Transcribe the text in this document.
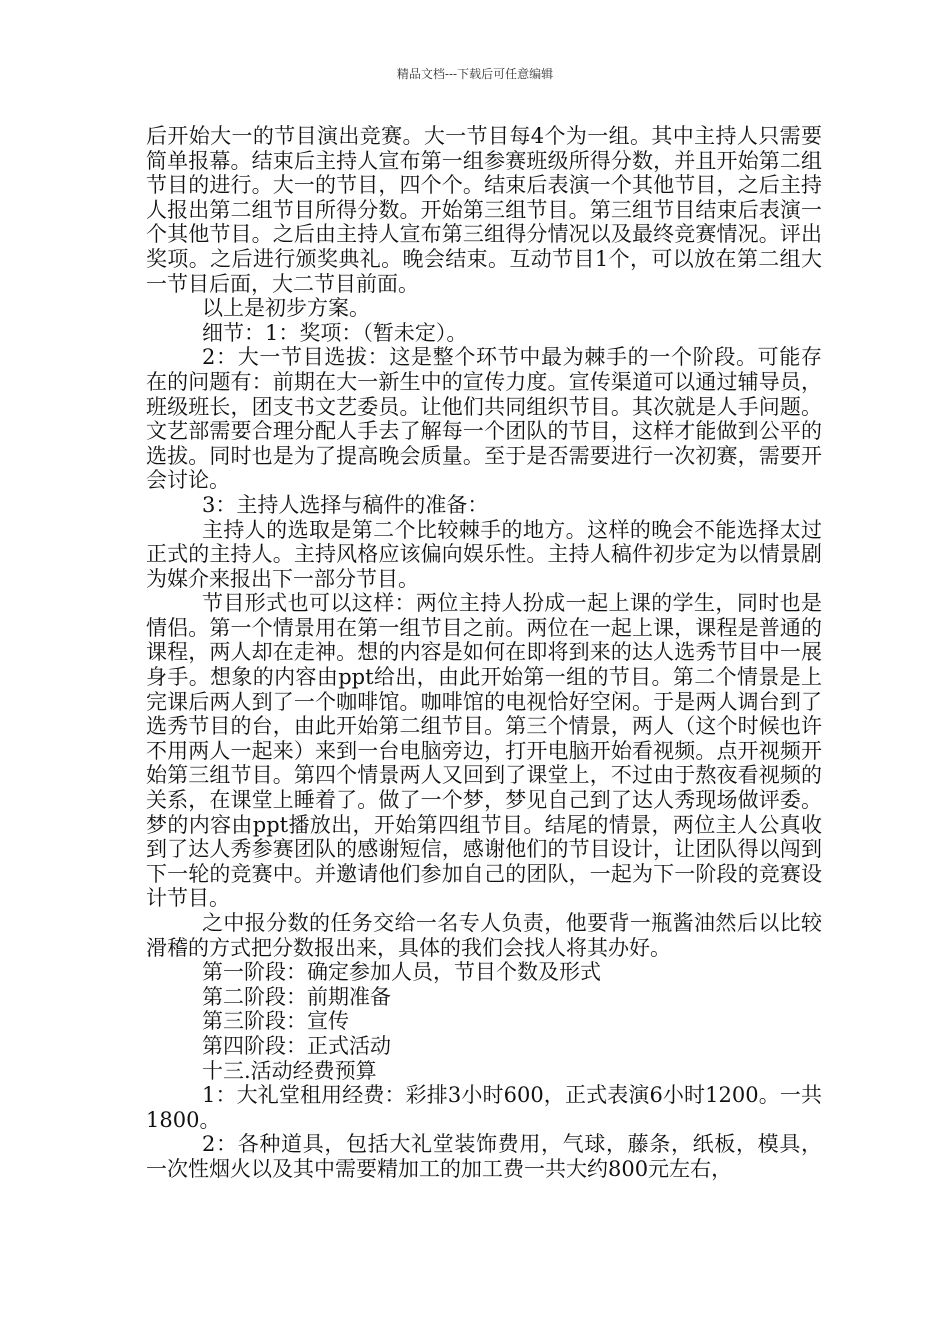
精品文档---下载后可任意编辑

后开始大一的节目演出竞赛。大一节目每4个为一组。其中主持人只需要简单报幕。结束后主持人宣布第一组参赛班级所得分数，并且开始第二组节目的进行。大一的节目，四个个。结束后表演一个其他节目，之后主持人报出第二组节目所得分数。开始第三组节目。第三组节目结束后表演一个其他节目。之后由主持人宣布第三组得分情况以及最终竞赛情况。评出奖项。之后进行颁奖典礼。晚会结束。互动节目1个，可以放在第二组大一节目后面，大二节目前面。

以上是初步方案。

细节：1：奖项：（暂未定）。

2：大一节目选拔：这是整个环节中最为棘手的一个阶段。可能存在的问题有：前期在大一新生中的宣传力度。宣传渠道可以通过辅导员，班级班长，团支书文艺委员。让他们共同组织节目。其次就是人手问题。文艺部需要合理分配人手去了解每一个团队的节目，这样才能做到公平的选拔。同时也是为了提高晚会质量。至于是否需要进行一次初赛，需要开会讨论。

3：主持人选择与稿件的准备：

主持人的选取是第二个比较棘手的地方。这样的晚会不能选择太过正式的主持人。主持风格应该偏向娱乐性。主持人稿件初步定为以情景剧为媒介来报出下一部分节目。

节目形式也可以这样：两位主持人扮成一起上课的学生，同时也是情侣。第一个情景用在第一组节目之前。两位在一起上课，课程是普通的课程，两人却在走神。想的内容是如何在即将到来的达人选秀节目中一展身手。想象的内容由ppt给出，由此开始第一组的节目。第二个情景是上完课后两人到了一个咖啡馆。咖啡馆的电视恰好空闲。于是两人调台到了选秀节目的台，由此开始第二组节目。第三个情景，两人（这个时候也许不用两人一起来）来到一台电脑旁边，打开电脑开始看视频。点开视频开始第三组节目。第四个情景两人又回到了课堂上，不过由于熬夜看视频的关系，在课堂上睡着了。做了一个梦，梦见自己到了达人秀现场做评委。梦的内容由ppt播放出，开始第四组节目。结尾的情景，两位主人公真收到了达人秀参赛团队的感谢短信，感谢他们的节目设计，让团队得以闯到下一轮的竞赛中。并邀请他们参加自己的团队，一起为下一阶段的竞赛设计节目。

之中报分数的任务交给一名专人负责，他要背一瓶酱油然后以比较滑稽的方式把分数报出来，具体的我们会找人将其办好。

第一阶段：确定参加人员，节目个数及形式

第二阶段：前期准备

第三阶段：宣传

第四阶段：正式活动

十三.活动经费预算

1：大礼堂租用经费：彩排3小时600，正式表演6小时1200。一共1800。

2：各种道具，包括大礼堂装饰费用，气球，藤条，纸板，模具，一次性烟火以及其中需要精加工的加工费一共大约800元左右，
